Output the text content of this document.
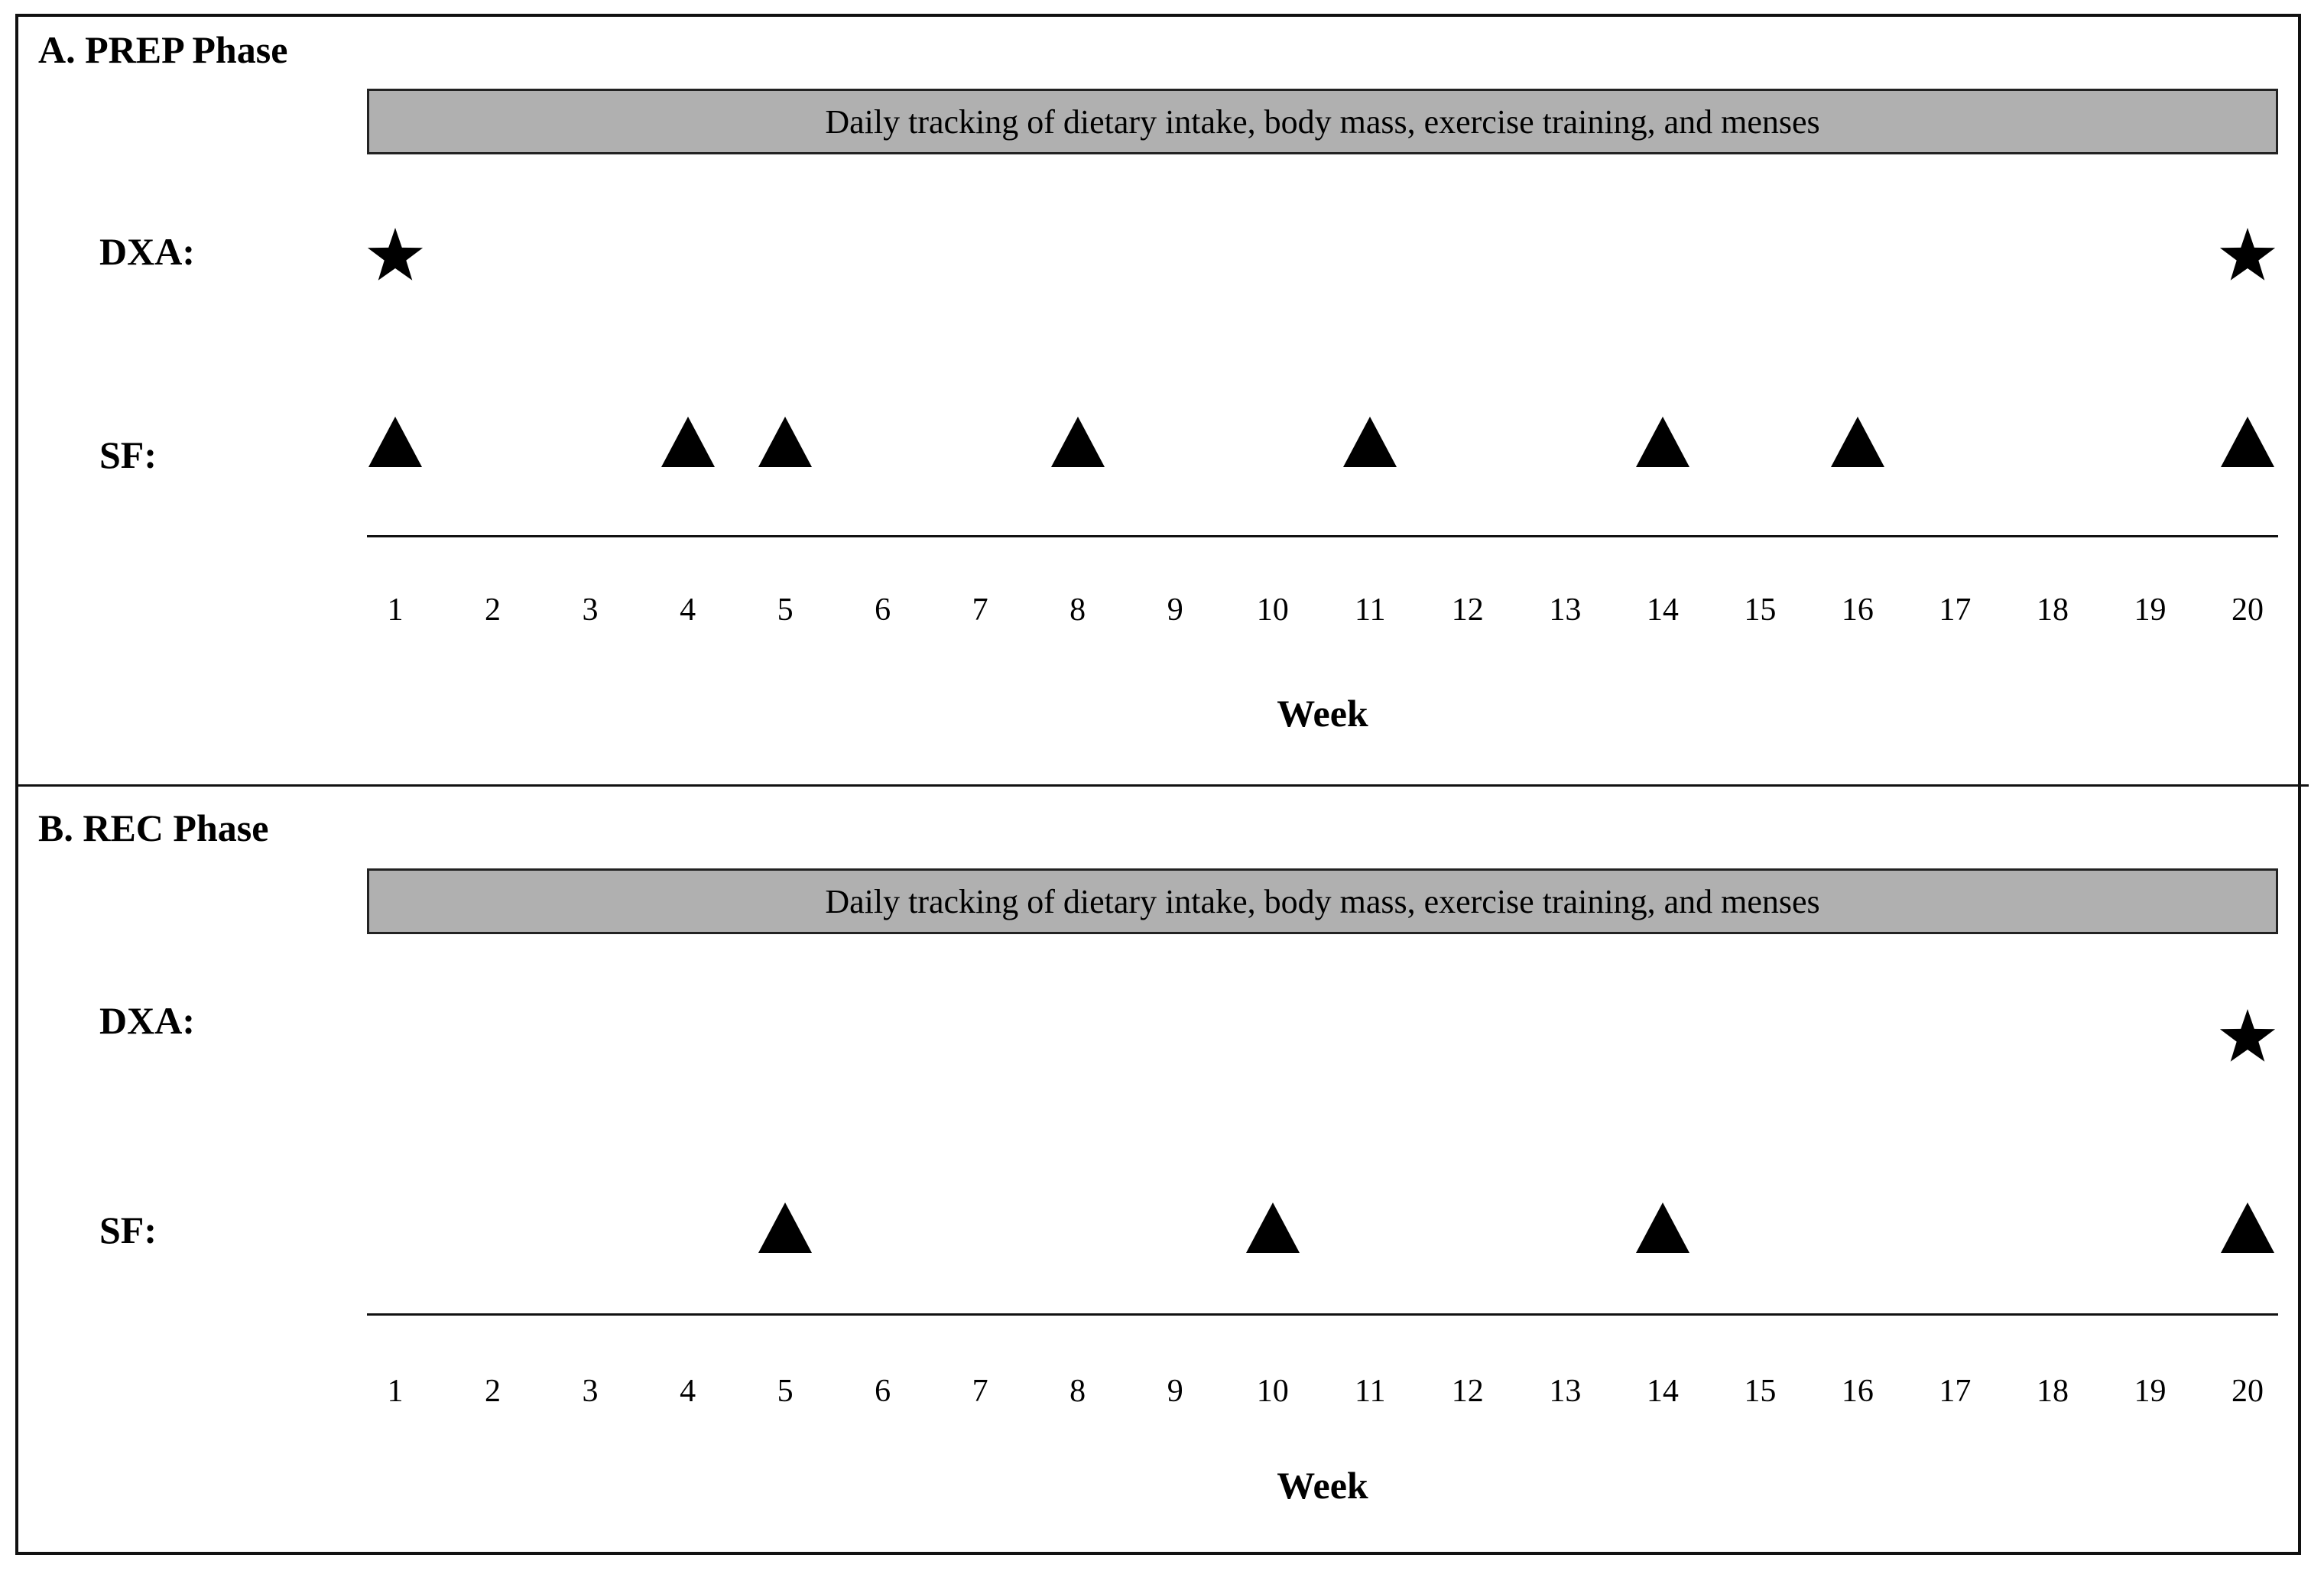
A. PREP Phase
Daily tracking of dietary intake, body mass, exercise training, and menses
DXA:
SF:
Week
1	2	3	4	5	6	7	8	9	10	11	12	13	14	15	16	17	18	19	20
B. REC Phase
Daily tracking of dietary intake, body mass, exercise training, and menses
DXA:
SF:
Week
1	2	3	4	5	6	7	8	9	10	11	12	13	14	15	16	17	18	19	20
